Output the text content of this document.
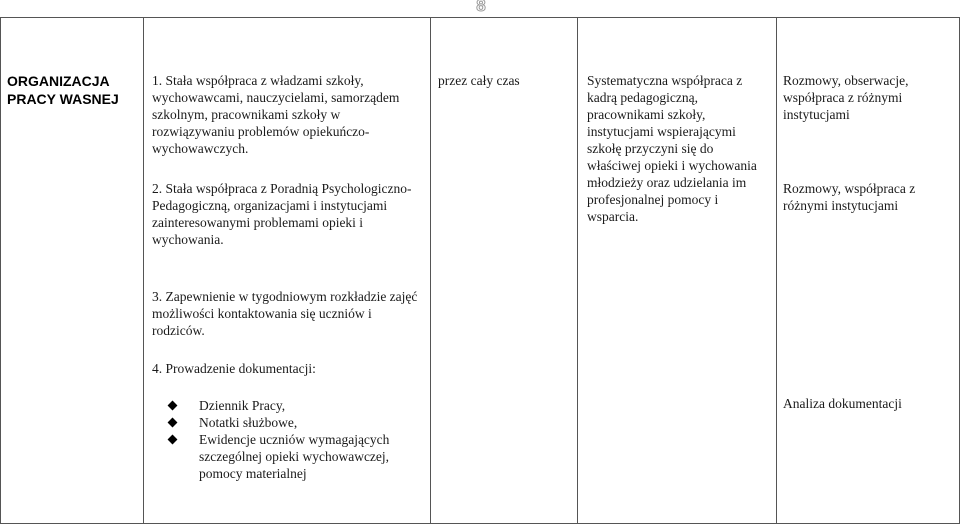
8
ORGANIZACJA PRACY WASNEJ
1. Stała współpraca z władzami szkoły, wychowawcami, nauczycielami, samorządem szkolnym, pracownikami szkoły w rozwiązywaniu problemów opiekuńczo-wychowawczych.
2. Stała współpraca z Poradnią Psychologiczno-Pedagogiczną, organizacjami i instytucjami zainteresowanymi problemami opieki i wychowania.
3. Zapewnienie w tygodniowym rozkładzie zajęć możliwości kontaktowania się uczniów i rodziców.
4. Prowadzenie dokumentacji:
Dziennik Pracy,
Notatki służbowe,
Ewidencje uczniów wymagających szczególnej opieki wychowawczej, pomocy materialnej
przez cały czas	Systematyczna współpraca z kadrą pedagogiczną, pracownikami szkoły, instytucjami wspierającymi szkołę przyczyni się do właściwej opieki i wychowania młodzieży oraz udzielania im profesjonalnej pomocy i wsparcia.
Rozmowy, obserwacje, współpraca z różnymi instytucjami
Rozmowy, współpraca z różnymi instytucjami
Analiza dokumentacji
